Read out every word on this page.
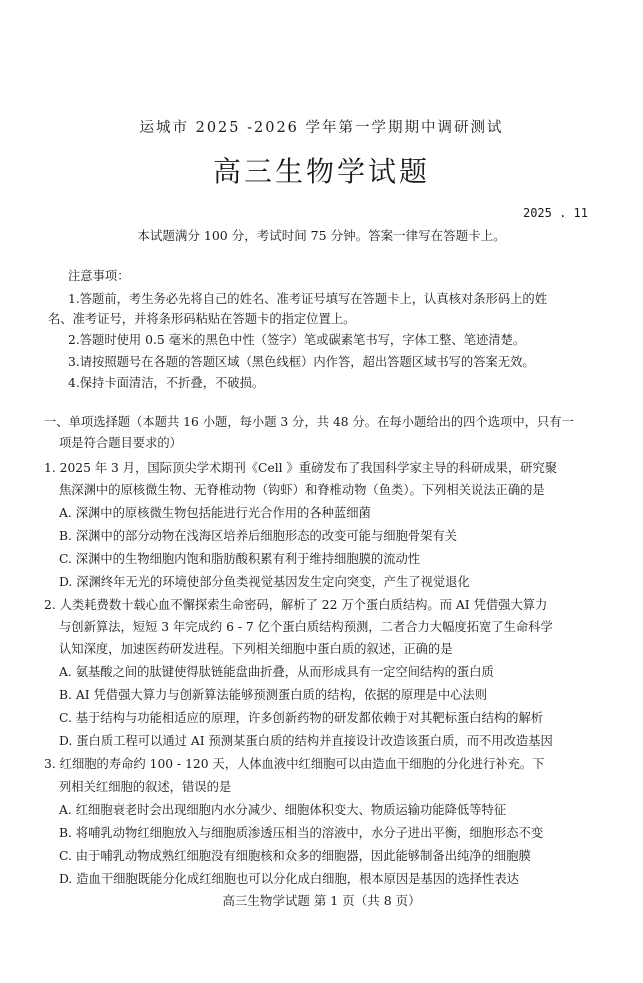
运城市 2025 -2026 学年第一学期期中调研测试
高三生物学试题
2025 . 11
本试题满分 100 分，考试时间 75 分钟。答案一律写在答题卡上。
注意事项：
1.答题前，考生务必先将自己的姓名、准考证号填写在答题卡上，认真核对条形码上的姓
名、准考证号，并将条形码粘贴在答题卡的指定位置上。
2.答题时使用 0.5 毫米的黑色中性（签字）笔或碳素笔书写，字体工整、笔迹清楚。
3.请按照题号在各题的答题区域（黑色线框）内作答，超出答题区域书写的答案无效。
4.保持卡面清洁，不折叠，不破损。
一、单项选择题（本题共 16 小题，每小题 3 分，共 48 分。在每小题给出的四个选项中，只有一
项是符合题目要求的）
1. 2025 年 3 月，国际顶尖学术期刊《Cell 》重磅发布了我国科学家主导的科研成果，研究聚
焦深渊中的原核微生物、无脊椎动物（钩虾）和脊椎动物（鱼类）。下列相关说法正确的是
A. 深渊中的原核微生物包括能进行光合作用的各种蓝细菌
B. 深渊中的部分动物在浅海区培养后细胞形态的改变可能与细胞骨架有关
C. 深渊中的生物细胞内饱和脂肪酸积累有利于维持细胞膜的流动性
D. 深渊终年无光的环境使部分鱼类视觉基因发生定向突变，产生了视觉退化
2. 人类耗费数十载心血不懈探索生命密码，解析了 22 万个蛋白质结构。而 AI 凭借强大算力
与创新算法，短短 3 年完成约 6 - 7 亿个蛋白质结构预测，二者合力大幅度拓宽了生命科学
认知深度，加速医药研发进程。下列相关细胞中蛋白质的叙述，正确的是
A. 氨基酸之间的肽键使得肽链能盘曲折叠，从而形成具有一定空间结构的蛋白质
B. AI 凭借强大算力与创新算法能够预测蛋白质的结构，依据的原理是中心法则
C. 基于结构与功能相适应的原理，许多创新药物的研发都依赖于对其靶标蛋白结构的解析
D. 蛋白质工程可以通过 AI 预测某蛋白质的结构并直接设计改造该蛋白质，而不用改造基因
3. 红细胞的寿命约 100 - 120 天，人体血液中红细胞可以由造血干细胞的分化进行补充。下
列相关红细胞的叙述，错误的是
A. 红细胞衰老时会出现细胞内水分减少、细胞体积变大、物质运输功能降低等特征
B. 将哺乳动物红细胞放入与细胞质渗透压相当的溶液中，水分子进出平衡，细胞形态不变
C. 由于哺乳动物成熟红细胞没有细胞核和众多的细胞器，因此能够制备出纯净的细胞膜
D. 造血干细胞既能分化成红细胞也可以分化成白细胞，根本原因是基因的选择性表达
高三生物学试题 第 1 页（共 8 页）
